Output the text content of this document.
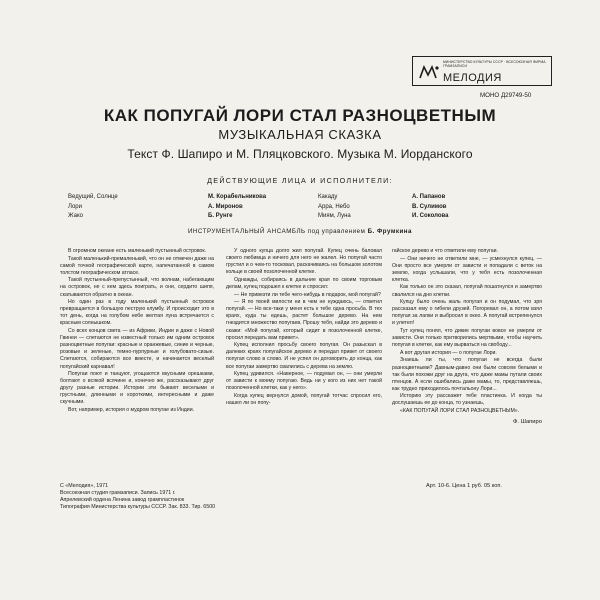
МИНИСТЕРСТВО КУЛЬТУРЫ СССР · ВСЕСОЮЗНАЯ ФИРМА ГРАМЗАПИСИ
МЕЛОДИЯ
МОНО Д29749-50
КАК ПОПУГАЙ ЛОРИ СТАЛ РАЗНОЦВЕТНЫМ
МУЗЫКАЛЬНАЯ СКАЗКА
Текст Ф. Шапиро и М. Пляцковского. Музыка М. Иорданского
ДЕЙСТВУЮЩИЕ ЛИЦА И ИСПОЛНИТЕЛИ:
Ведущий, Солнце	М. Корабельникова
Лори	А. Миронов
Жако	Б. Рунге
Какаду	А. Папанов
Арра, Небо	В. Сулимов
Миям, Луна	И. Соколова
ИНСТРУМЕНТАЛЬНЫЙ АНСАМБЛЬ под управлением Б. Фрумкина

В огромном океане есть маленький пустынный островок.

Такой маленький-премаленький, что он не отмечен даже на самой точной географической карте, напечатанной в самом толстом географическом атласе.

Такой пустынный-препустынный, что волнам, набегающим на островок, не с кем здесь поиграть, и они, сердито шипя, скатываются обратно в океан.

Но один раз в году маленький пустынный островок превращается в большую пеструю клумбу. И происходит это в тот день, когда на голубом небе желтая луна встречается с красным солнышком.

Со всех концов света — из Африки, Индии и даже с Новой Гвинеи — слетаются не известный только им одним островок разноцветные попугаи: красные и оранжевые, синие и черные, розовые и зеленые, темно-пурпурные и голубовато-сизые. Слетаются, собираются все вместе, и начинается веселый попугайский карнавал!

Попугаи поют и танцуют, угощаются вкусными орешками, болтают о всякой всячине и, конечно же, рассказывают друг другу разные истории. Истории эти бывают веселыми и грустными, длинными и короткими, интересными и даже скучными.

Вот, например, история о мудром попугае из Индии.

У одного купца долго жил попугай. Купец очень баловал своего любимца и ничего для него не жалел. Но попугай часто грустил и о чем-то тосковал, раскачиваясь на большом золотом кольце в своей позолоченной клетке.

Однажды, собираясь в дальние края по своим торговым делам, купец подошел к клетке и спросил:

— Не привезти ли тебе чего-нибудь в подарок, мой попугай?

— Я по твоей милости ни в чем не нуждаюсь, — ответил попугай. — Но все-таки у меня есть к тебе одна просьба. В тех краях, куда ты едешь, растет большое дерево. На нем гнездится множество попугаев. Прошу тебя, найди это дерево и скажи: «Мой попугай, который сидит в позолоченной клетке, просил передать вам привет».

Купец исполнил просьбу своего попугая. Он разыскал в далеких краях попугайское дерево и передал привет от своего попугая слово в слово. И не успел он договорить до конца, как все попугаи замертво свалились с дерева на землю.

Купец удивился. «Наверное, — подумал он, — они умерли от зависти к моему попугаю. Ведь ни у кого из них нет такой позолоченной клетки, как у него».

Когда купец вернулся домой, попугай тотчас спросил его, нашел ли он попу-

гайское дерево и что ответили ему попугаи.

— Они ничего не ответили мне, — усмехнулся купец. — Они просто все умерли от зависти и попадали с веток на землю, когда услышали, что у тебя есть позолоченная клетка.

Как только он это сказал, попугай пошатнулся и замертво свалился на дно клетки.

Купцу было очень жаль попугая и он подумал, что зря рассказал ему о гибели друзей. Погоревал он, а потом взял попугая за лапки и выбросил в окно. А попугай встрепенулся и улетел!

Тут купец понял, что дикие попугаи вовсе не умерли от зависти. Они только притворились мертвыми, чтобы научить попугая в клетке, как ему вырваться на свободу...

А вот другая история — о попугае Лори.

Знаешь ли ты, что попугаи не всегда были разноцветными? Давным-давно они были совсем белыми и так были похожи друг на друга, что даже мамы путали своих птенцов. А если ошибались даже мамы, то, представляешь, как трудно приходилось почтальону Лори...

Историю эту расскажет тебе пластинка. И когда ты дослушаешь ее до конца, то узнаешь,

«КАК ПОПУГАЙ ЛОРИ СТАЛ РАЗНОЦВЕТНЫМ».

Ф. Шапиро
С «Мелодия», 1971
Всесоюзная студия грамзаписи. Запись 1971 г.
Апрелевский ордена Ленина завод грампластинок
Типография Министерства культуры СССР. Зак. 833. Тир. 6500
Арт. 10-6. Цена 1 руб. 05 коп.
